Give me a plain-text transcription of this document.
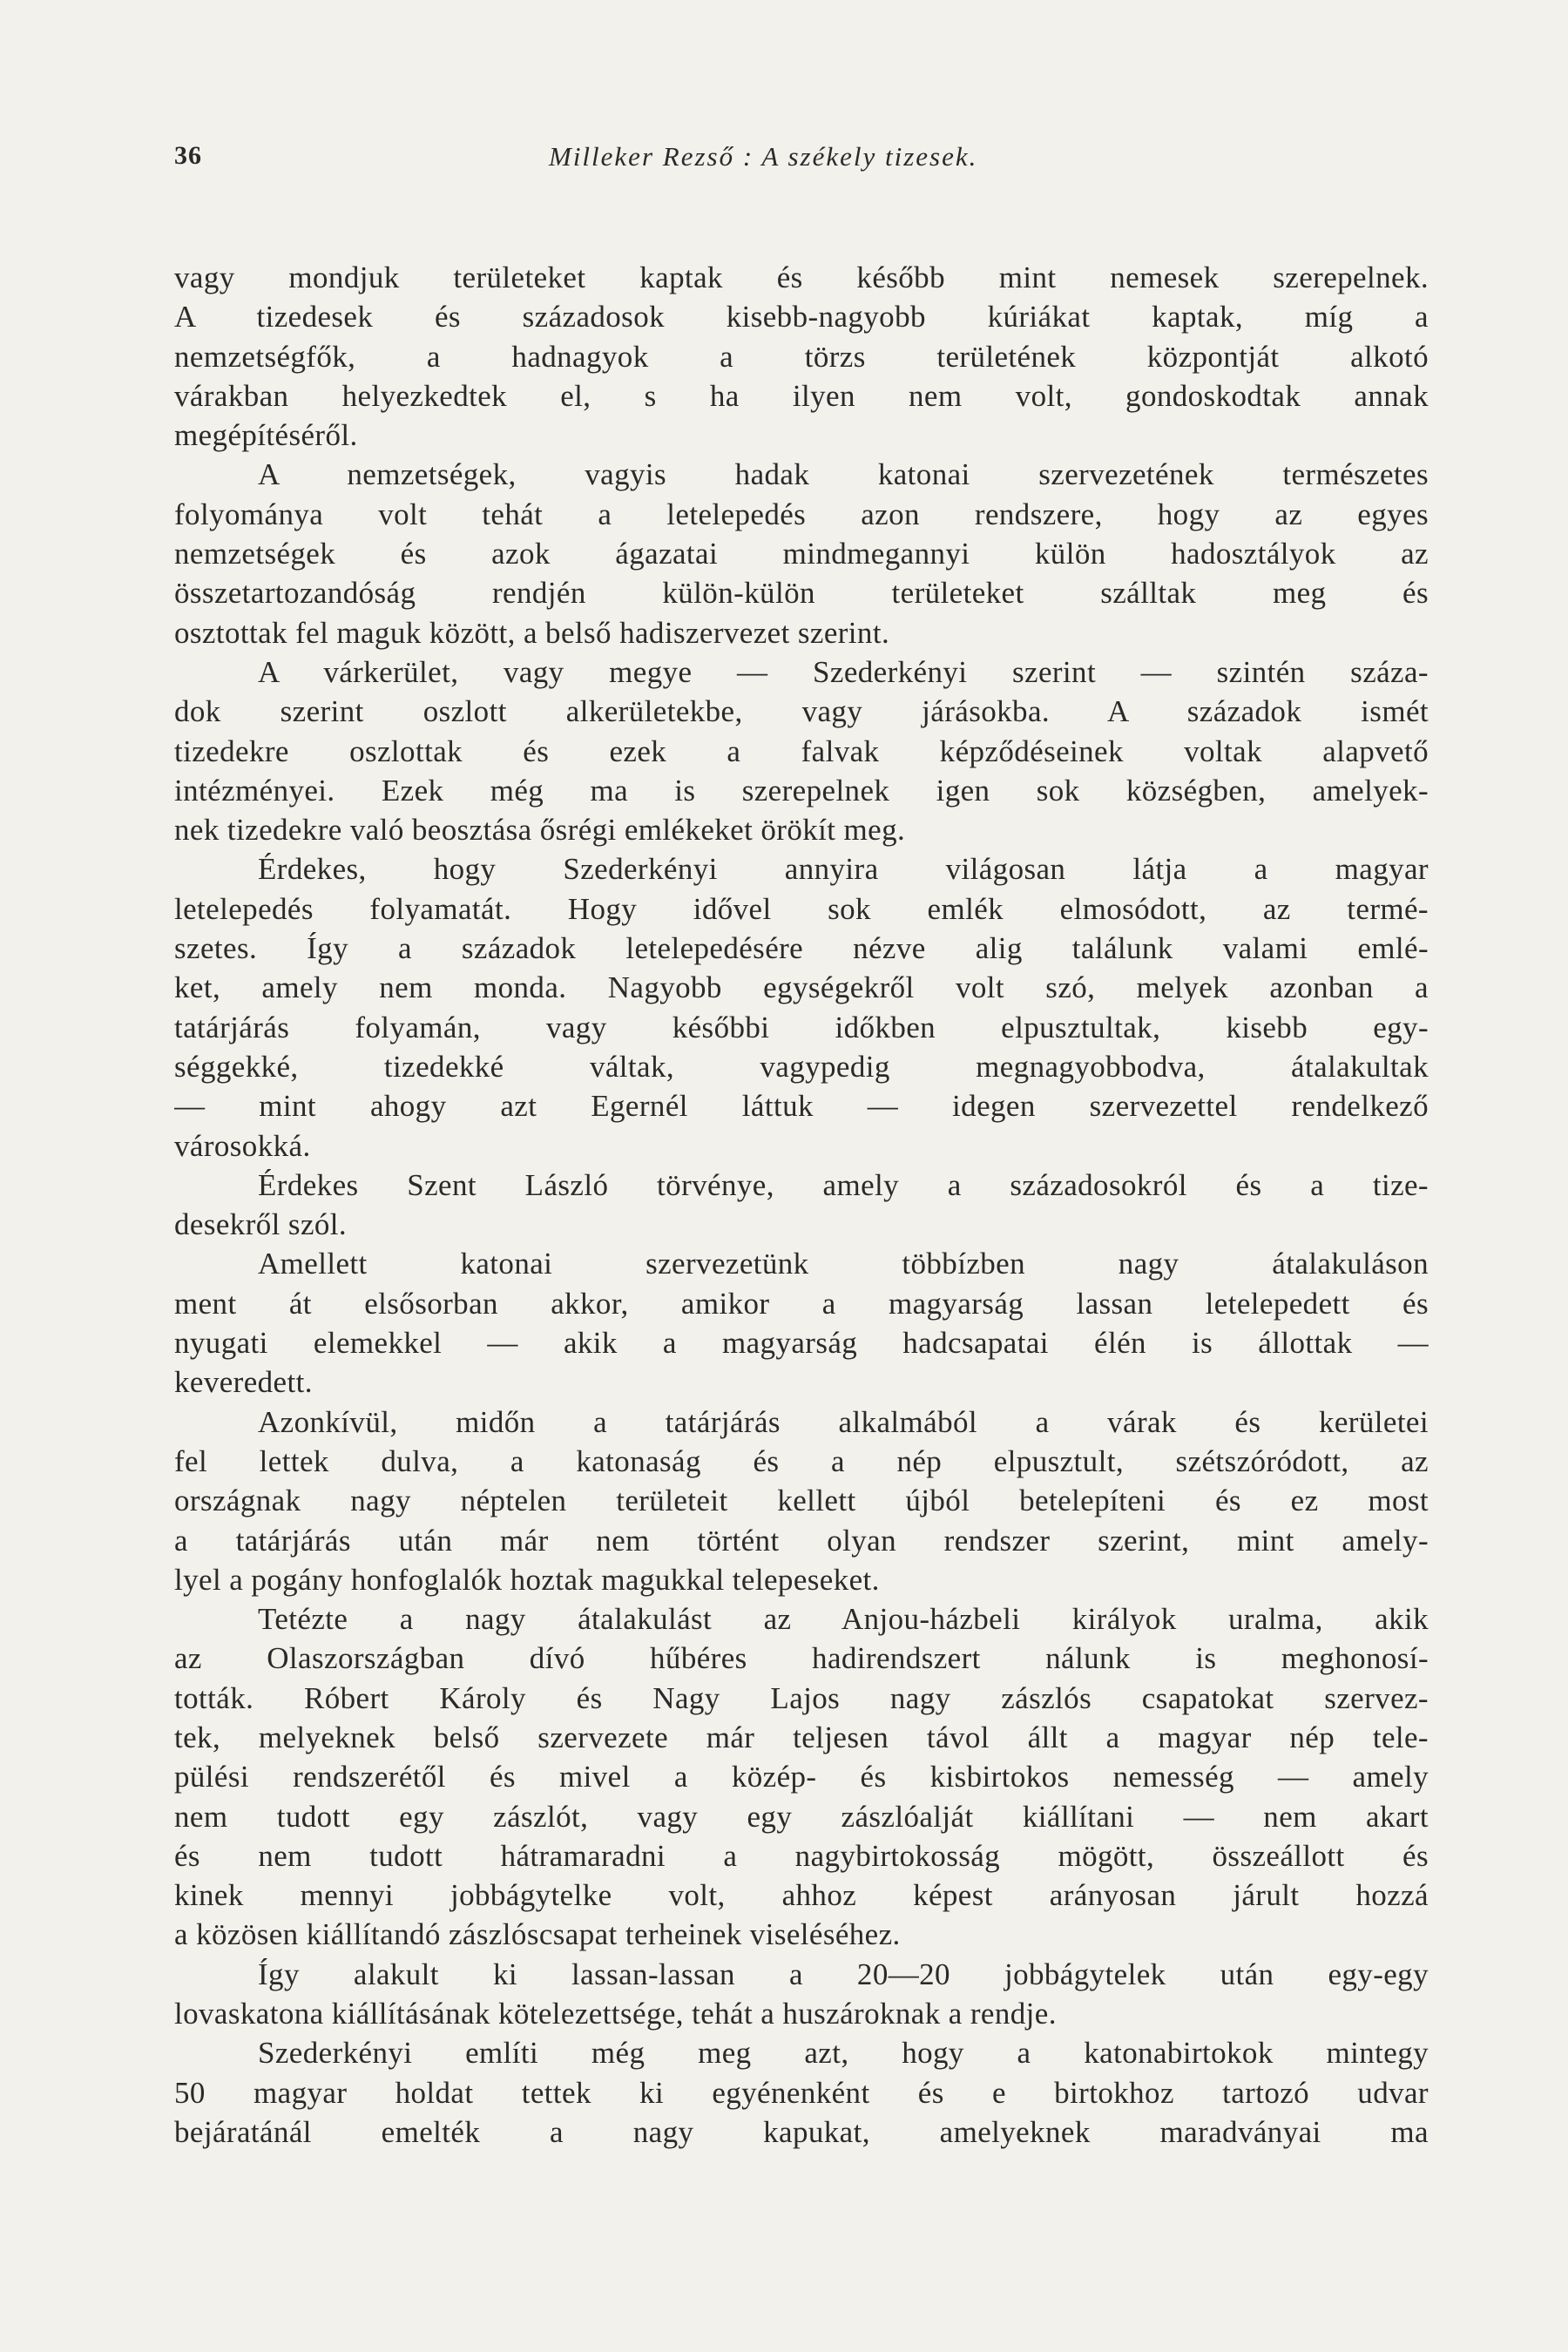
36	Milleker Rezső : A székely tizesek.
vagy mondjuk területeket kaptak és később mint nemesek szerepelnek.
A tizedesek és századosok kisebb-nagyobb kúriákat kaptak, míg a
nemzetségfők, a hadnagyok a törzs területének központját alkotó
várakban helyezkedtek el, s ha ilyen nem volt, gondoskodtak annak
megépítéséről.
A nemzetségek, vagyis hadak katonai szervezetének természetes
folyománya volt tehát a letelepedés azon rendszere, hogy az egyes
nemzetségek és azok ágazatai mindmegannyi külön hadosztályok az
összetartozandóság rendjén külön-külön területeket szálltak meg és
osztottak fel maguk között, a belső hadiszervezet szerint.
A várkerület, vagy megye — Szederkényi szerint — szintén száza-
dok szerint oszlott alkerületekbe, vagy járásokba. A századok ismét
tizedekre oszlottak és ezek a falvak képződéseinek voltak alapvető
intézményei. Ezek még ma is szerepelnek igen sok községben, amelyek-
nek tizedekre való beosztása ősrégi emlékeket örökít meg.
Érdekes, hogy Szederkényi annyira világosan látja a magyar
letelepedés folyamatát. Hogy idővel sok emlék elmosódott, az termé-
szetes. Így a századok letelepedésére nézve alig találunk valami emlé-
ket, amely nem monda. Nagyobb egységekről volt szó, melyek azonban a
tatárjárás folyamán, vagy későbbi időkben elpusztultak, kisebb egy-
séggekké, tizedekké váltak, vagypedig megnagyobbodva, átalakultak
— mint ahogy azt Egernél láttuk — idegen szervezettel rendelkező
városokká.
Érdekes Szent László törvénye, amely a századosokról és a tize-
desekről szól.
Amellett katonai szervezetünk többízben nagy átalakuláson
ment át elsősorban akkor, amikor a magyarság lassan letelepedett és
nyugati elemekkel — akik a magyarság hadcsapatai élén is állottak —
keveredett.
Azonkívül, midőn a tatárjárás alkalmából a várak és kerületei
fel lettek dulva, a katonaság és a nép elpusztult, szétszóródott, az
országnak nagy néptelen területeit kellett újból betelepíteni és ez most
a tatárjárás után már nem történt olyan rendszer szerint, mint amely-
lyel a pogány honfoglalók hoztak magukkal telepeseket.
Tetézte a nagy átalakulást az Anjou-házbeli királyok uralma, akik
az Olaszországban dívó hűbéres hadirendszert nálunk is meghonosí-
tották. Róbert Károly és Nagy Lajos nagy zászlós csapatokat szervez-
tek, melyeknek belső szervezete már teljesen távol állt a magyar nép tele-
pülési rendszerétől és mivel a közép- és kisbirtokos nemesség — amely
nem tudott egy zászlót, vagy egy zászlóalját kiállítani — nem akart
és nem tudott hátramaradni a nagybirtokosság mögött, összeállott és
kinek mennyi jobbágytelke volt, ahhoz képest arányosan járult hozzá
a közösen kiállítandó zászlóscsapat terheinek viseléséhez.
Így alakult ki lassan-lassan a 20—20 jobbágytelek után egy-egy
lovaskatona kiállításának kötelezettsége, tehát a huszároknak a rendje.
Szederkényi említi még meg azt, hogy a katonabirtokok mintegy
50 magyar holdat tettek ki egyénenként és e birtokhoz tartozó udvar
bejáratánál emelték a nagy kapukat, amelyeknek maradványai ma
